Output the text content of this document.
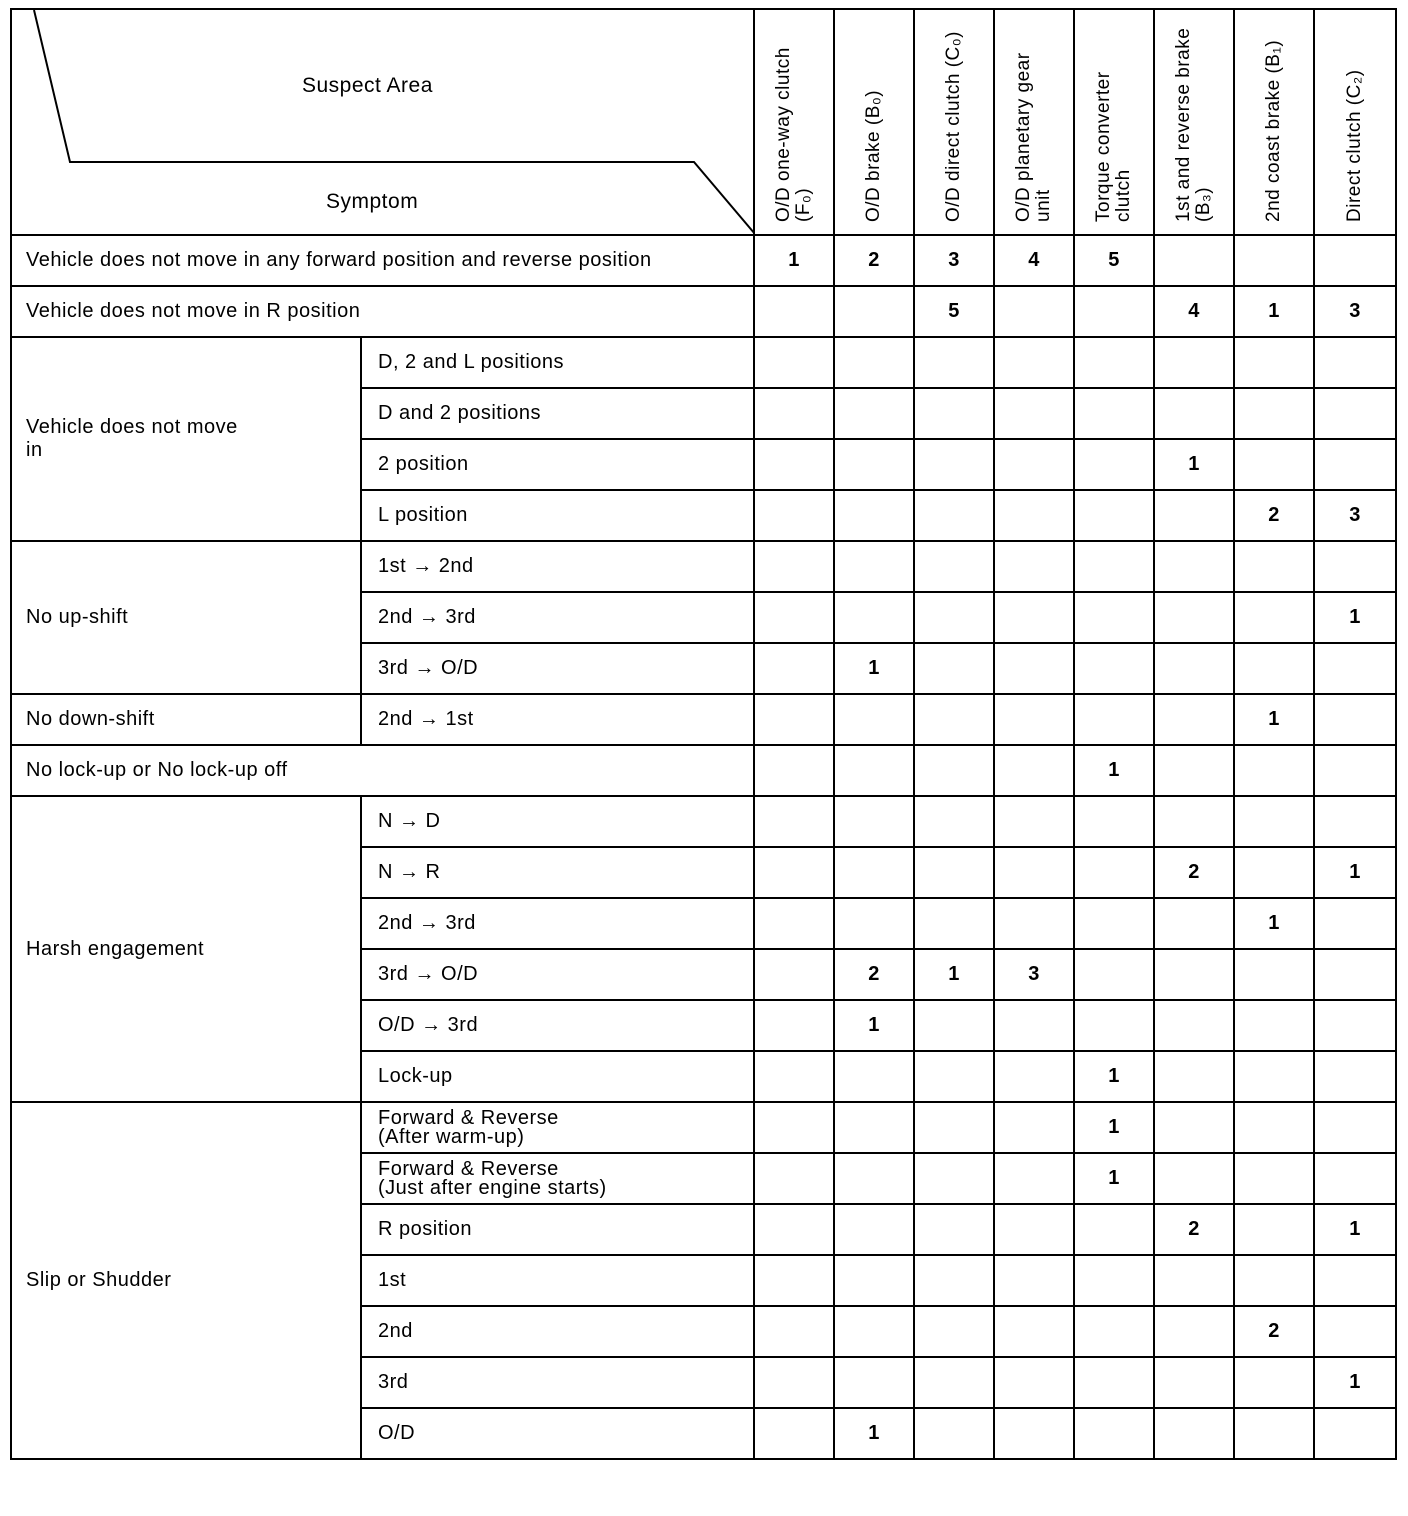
Suspect Area
Symptom		O/D one-way clutch (F₀)	O/D brake (B₀)	O/D direct clutch (C₀)	O/D planetary gear unit	Torque converter clutch	1st and reverse brake (B₃)	2nd coast brake (B₁)	Direct clutch (C₂)

Vehicle does not move in any forward position and reverse position		1	2	3	4	5			
Vehicle does not move in R position				5			4	1	3

Vehicle does not move in	D, 2 and L positions								
	D and 2 positions								
	2 position						1		
	L position							2	3
No up-shift	1st → 2nd								
	2nd → 3rd								1
	3rd → O/D		1						
No down-shift	2nd → 1st							1	
No lock-up or No lock-up off						1			
Harsh engagement	N → D								
	N → R						2		1
	2nd → 3rd							1	
	3rd → O/D		2	1	3				
	O/D → 3rd		1						
	Lock-up					1			
Slip or Shudder	Forward & Reverse
(After warm-up)					1			

	Forward & Reverse
(Just after engine starts)					1			
	R position						2		1
	1st								
	2nd							2	
	3rd								1
	O/D		1						
